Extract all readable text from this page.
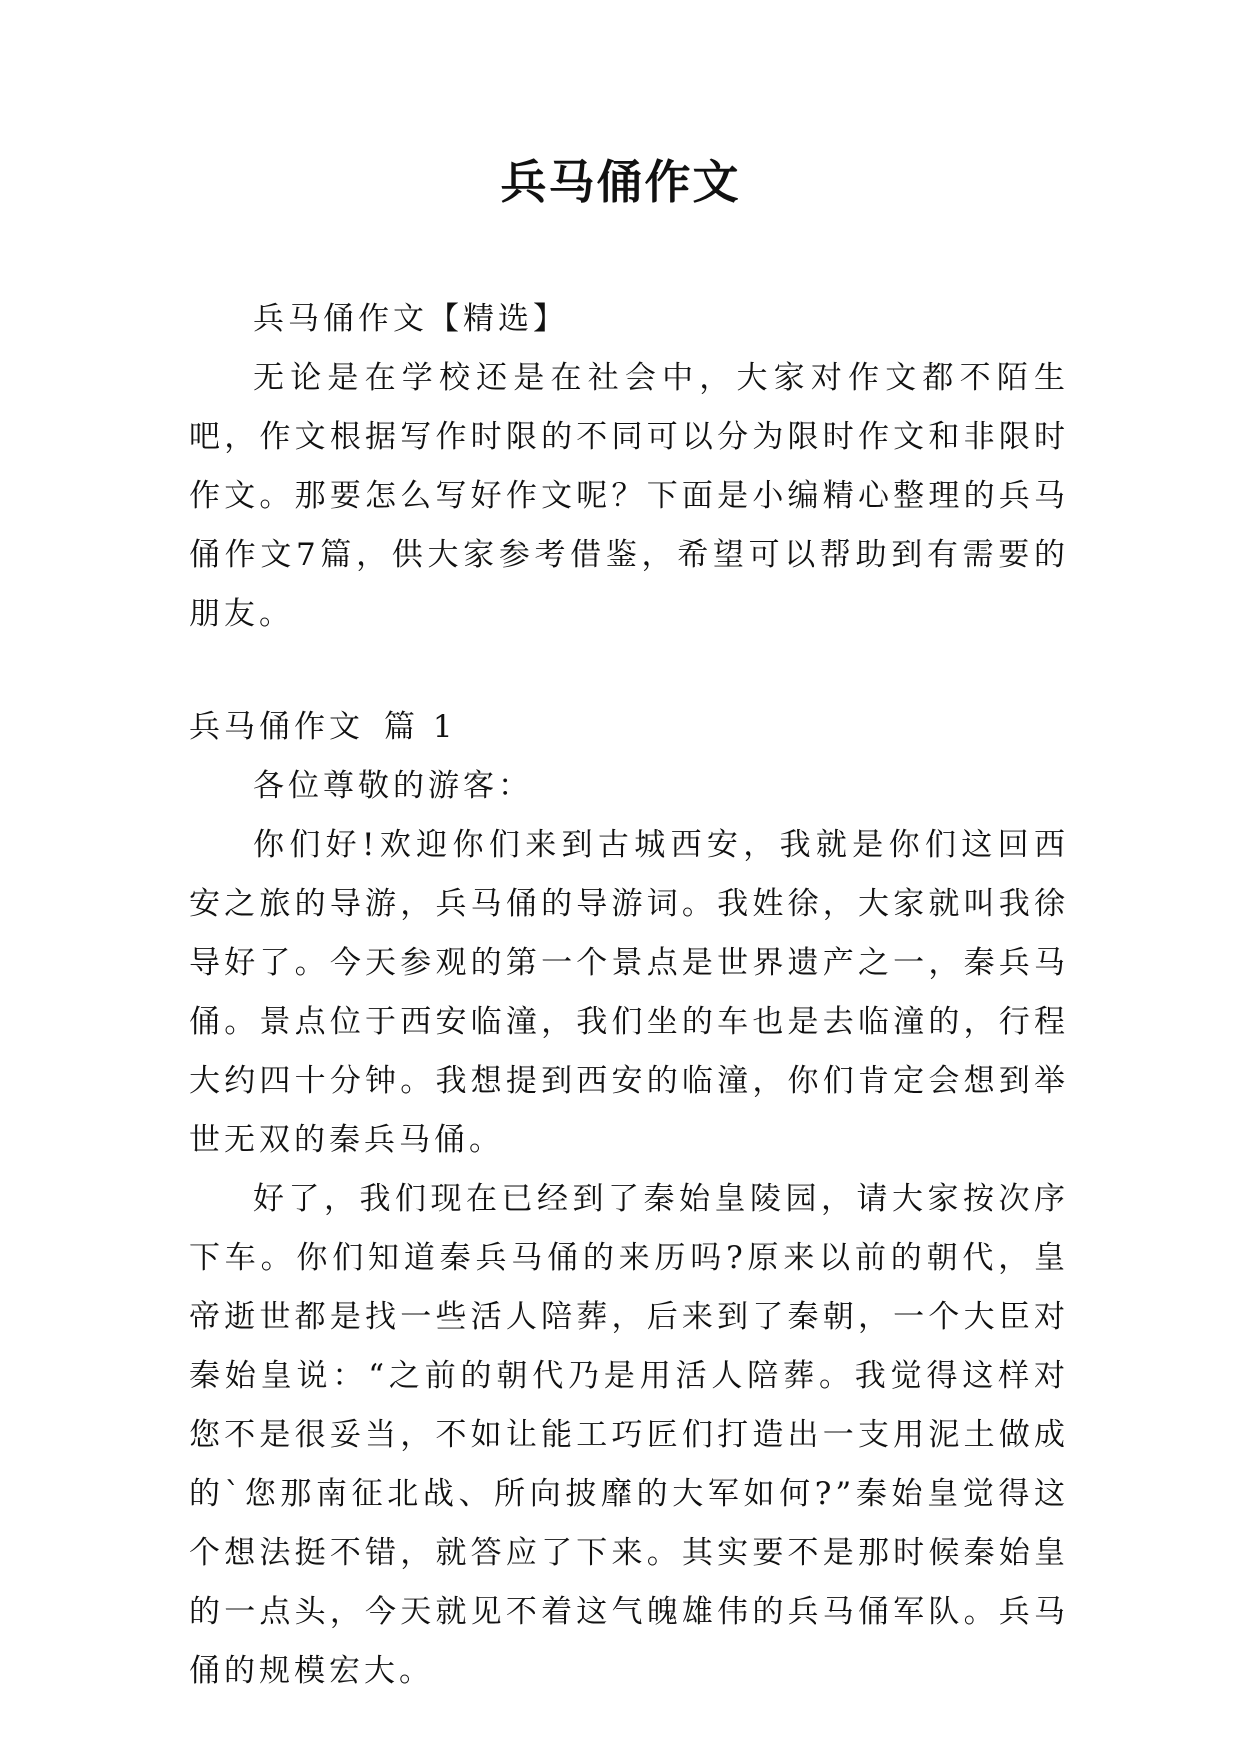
兵马俑作文

兵马俑作文【精选】

无论是在学校还是在社会中，大家对作文都不陌生吧，作文根据写作时限的不同可以分为限时作文和非限时作文。那要怎么写好作文呢？下面是小编精心整理的兵马俑作文7篇，供大家参考借鉴，希望可以帮助到有需要的朋友。

兵马俑作文 篇 1

各位尊敬的游客：

你们好!欢迎你们来到古城西安，我就是你们这回西安之旅的导游，兵马俑的导游词。我姓徐，大家就叫我徐导好了。今天参观的第一个景点是世界遗产之一，秦兵马俑。景点位于西安临潼，我们坐的车也是去临潼的，行程大约四十分钟。我想提到西安的临潼，你们肯定会想到举世无双的秦兵马俑。

好了，我们现在已经到了秦始皇陵园，请大家按次序下车。你们知道秦兵马俑的来历吗?原来以前的朝代，皇帝逝世都是找一些活人陪葬，后来到了秦朝，一个大臣对秦始皇说：“之前的朝代乃是用活人陪葬。我觉得这样对您不是很妥当，不如让能工巧匠们打造出一支用泥土做成的`您那南征北战、所向披靡的大军如何?”秦始皇觉得这个想法挺不错，就答应了下来。其实要不是那时候秦始皇的一点头，今天就见不着这气魄雄伟的兵马俑军队。兵马俑的规模宏大。
